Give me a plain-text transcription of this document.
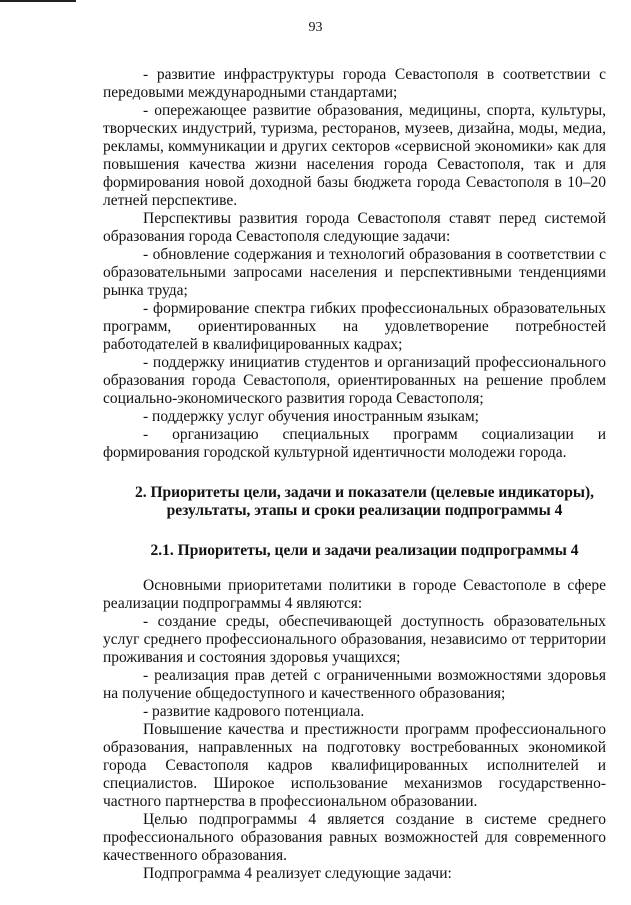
93

- развитие инфраструктуры города Севастополя в соответствии с передовыми международными стандартами;

- опережающее развитие образования, медицины, спорта, культуры, творческих индустрий, туризма, ресторанов, музеев, дизайна, моды, медиа, рекламы, коммуникации и других секторов «сервисной экономики» как для повышения качества жизни населения города Севастополя, так и для формирования новой доходной базы бюджета города Севастополя в 10–20 летней перспективе.

Перспективы развития города Севастополя ставят перед системой образования города Севастополя следующие задачи:

- обновление содержания и технологий образования в соответствии с образовательными запросами населения и перспективными тенденциями рынка труда;

- формирование спектра гибких профессиональных образовательных программ, ориентированных на удовлетворение потребностей работодателей в квалифицированных кадрах;

- поддержку инициатив студентов и организаций профессионального образования города Севастополя, ориентированных на решение проблем социально-экономического развития города Севастополя;

- поддержку услуг обучения иностранным языкам;

- организацию специальных программ социализации и формирования городской культурной идентичности молодежи города.

2. Приоритеты цели, задачи и показатели (целевые индикаторы),
результаты, этапы и сроки реализации подпрограммы 4
2.1. Приоритеты, цели и задачи реализации подпрограммы 4

Основными приоритетами политики в городе Севастополе в сфере реализации подпрограммы 4 являются:

- создание среды, обеспечивающей доступность образовательных услуг среднего профессионального образования, независимо от территории проживания и состояния здоровья учащихся;

- реализация прав детей с ограниченными возможностями здоровья на получение общедоступного и качественного образования;

- развитие кадрового потенциала.

Повышение качества и престижности программ профессионального образования, направленных на подготовку востребованных экономикой города Севастополя кадров квалифицированных исполнителей и специалистов. Широкое использование механизмов государственно-частного партнерства в профессиональном образовании.

Целью подпрограммы 4 является создание в системе среднего профессионального образования равных возможностей для современного качественного образования.

Подпрограмма 4 реализует следующие задачи:
